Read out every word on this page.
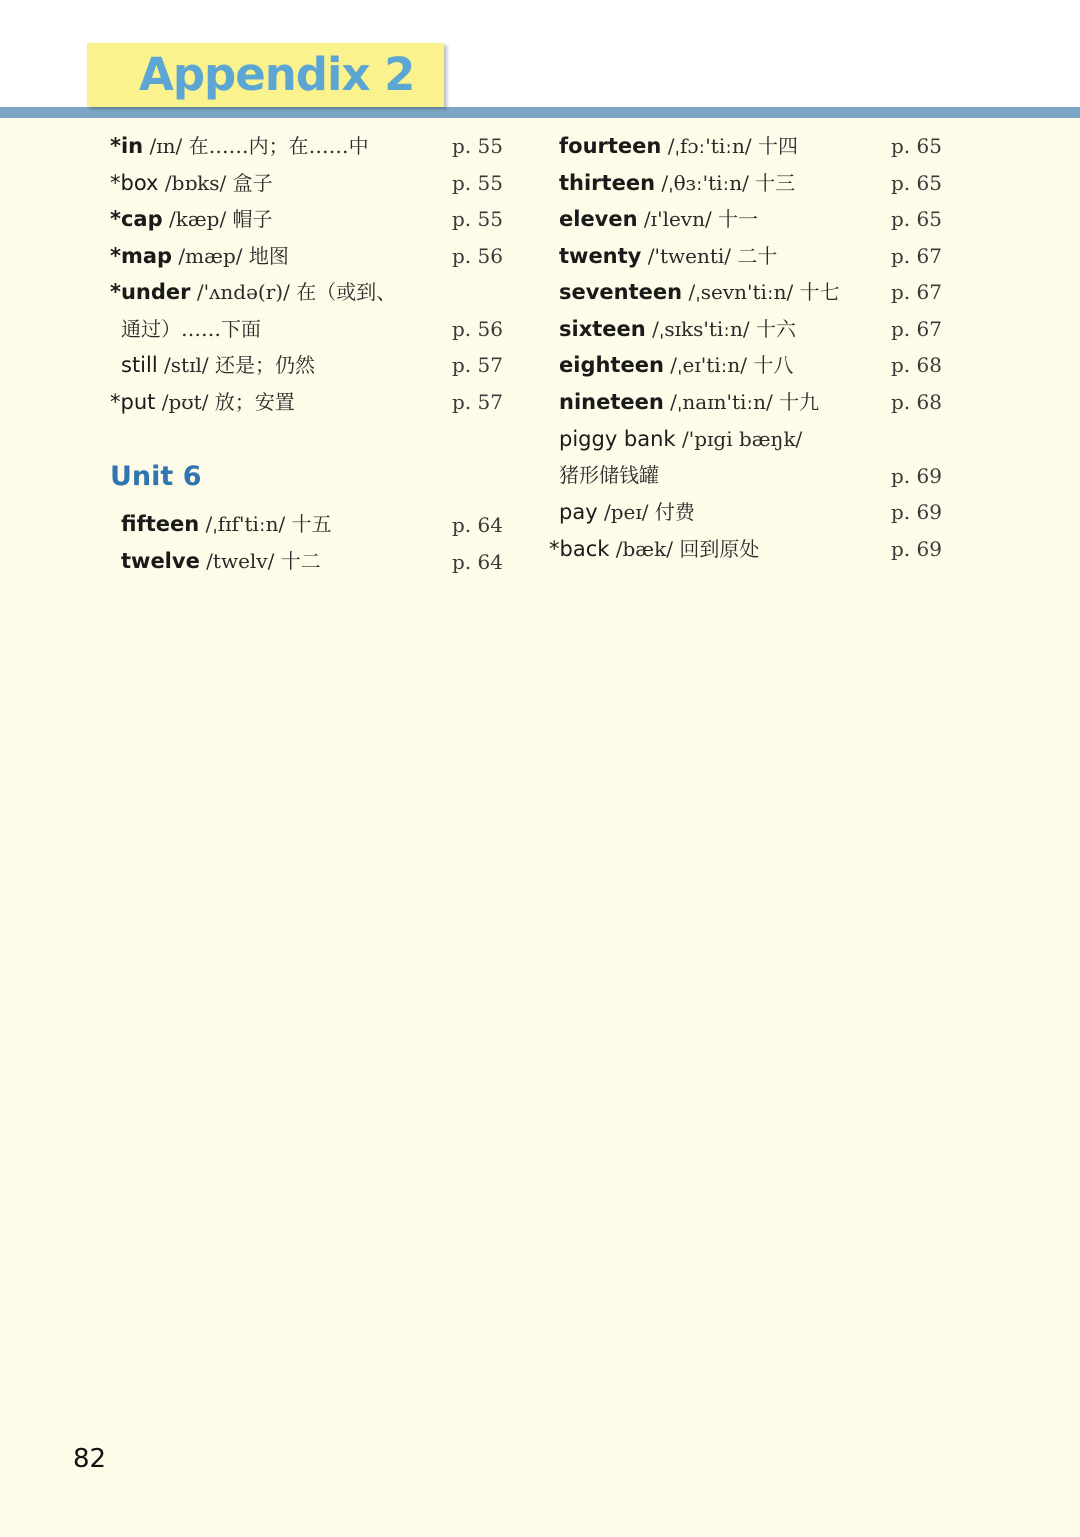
Appendix 2
*in /ɪn/ 在……内；在……中	p. 55
*box /bɒks/ 盒子	p. 55
*cap /kæp/ 帽子	p. 55
*map /mæp/ 地图	p. 56
*under /'ʌndə(r)/ 在（或到、
通过）……下面	p. 56
still /stɪl/ 还是；仍然	p. 57
*put /pʊt/ 放；安置	p. 57
Unit 6
fifteen /ˌfɪf'tiːn/ 十五	p. 64
twelve /twelv/ 十二	p. 64
fourteen /ˌfɔː'tiːn/ 十四	p. 65
thirteen /ˌθɜː'tiːn/ 十三	p. 65
eleven /ɪ'levn/ 十一	p. 65
twenty /'twenti/ 二十	p. 67
seventeen /ˌsevn'tiːn/ 十七	p. 67
sixteen /ˌsɪks'tiːn/ 十六	p. 67
eighteen /ˌeɪ'tiːn/ 十八	p. 68
nineteen /ˌnaɪn'tiːn/ 十九	p. 68
piggy bank /'pɪgi bæŋk/
猪形储钱罐	p. 69
pay /peɪ/ 付费	p. 69
*back /bæk/ 回到原处	p. 69
82
